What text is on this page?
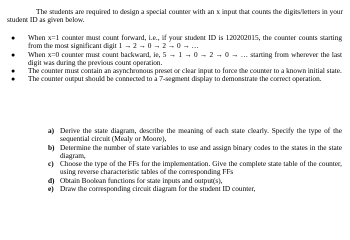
The students are required to design a special counter with an x input that counts the digits/letters in your student ID as given below.

● When x=1 counter must count forward, i.e., if your student ID is 120202015, the counter counts starting from the most significant digit 1 → 2 → 0 → 2 → 0 → …
● When x=0 counter must count backward, ie, 5 → 1 → 0 → 2 → 0 → … starting from wherever the last digit was during the previous count operation.
● The counter must contain an asynchronous preset or clear input to force the counter to a known initial state.
● The counter output should be connected to a 7-segment display to demonstrate the correct operation.
a) Derive the state diagram, describe the meaning of each state clearly. Specify the type of the sequential circuit (Mealy or Moore),
b) Determine the number of state variables to use and assign binary codes to the states in the state diagram,
c) Choose the type of the FFs for the implementation. Give the complete state table of the counter, using reverse characteristic tables of the corresponding FFs
d) Obtain Boolean functions for state inputs and output(s),
e) Draw the corresponding circuit diagram for the student ID counter,
